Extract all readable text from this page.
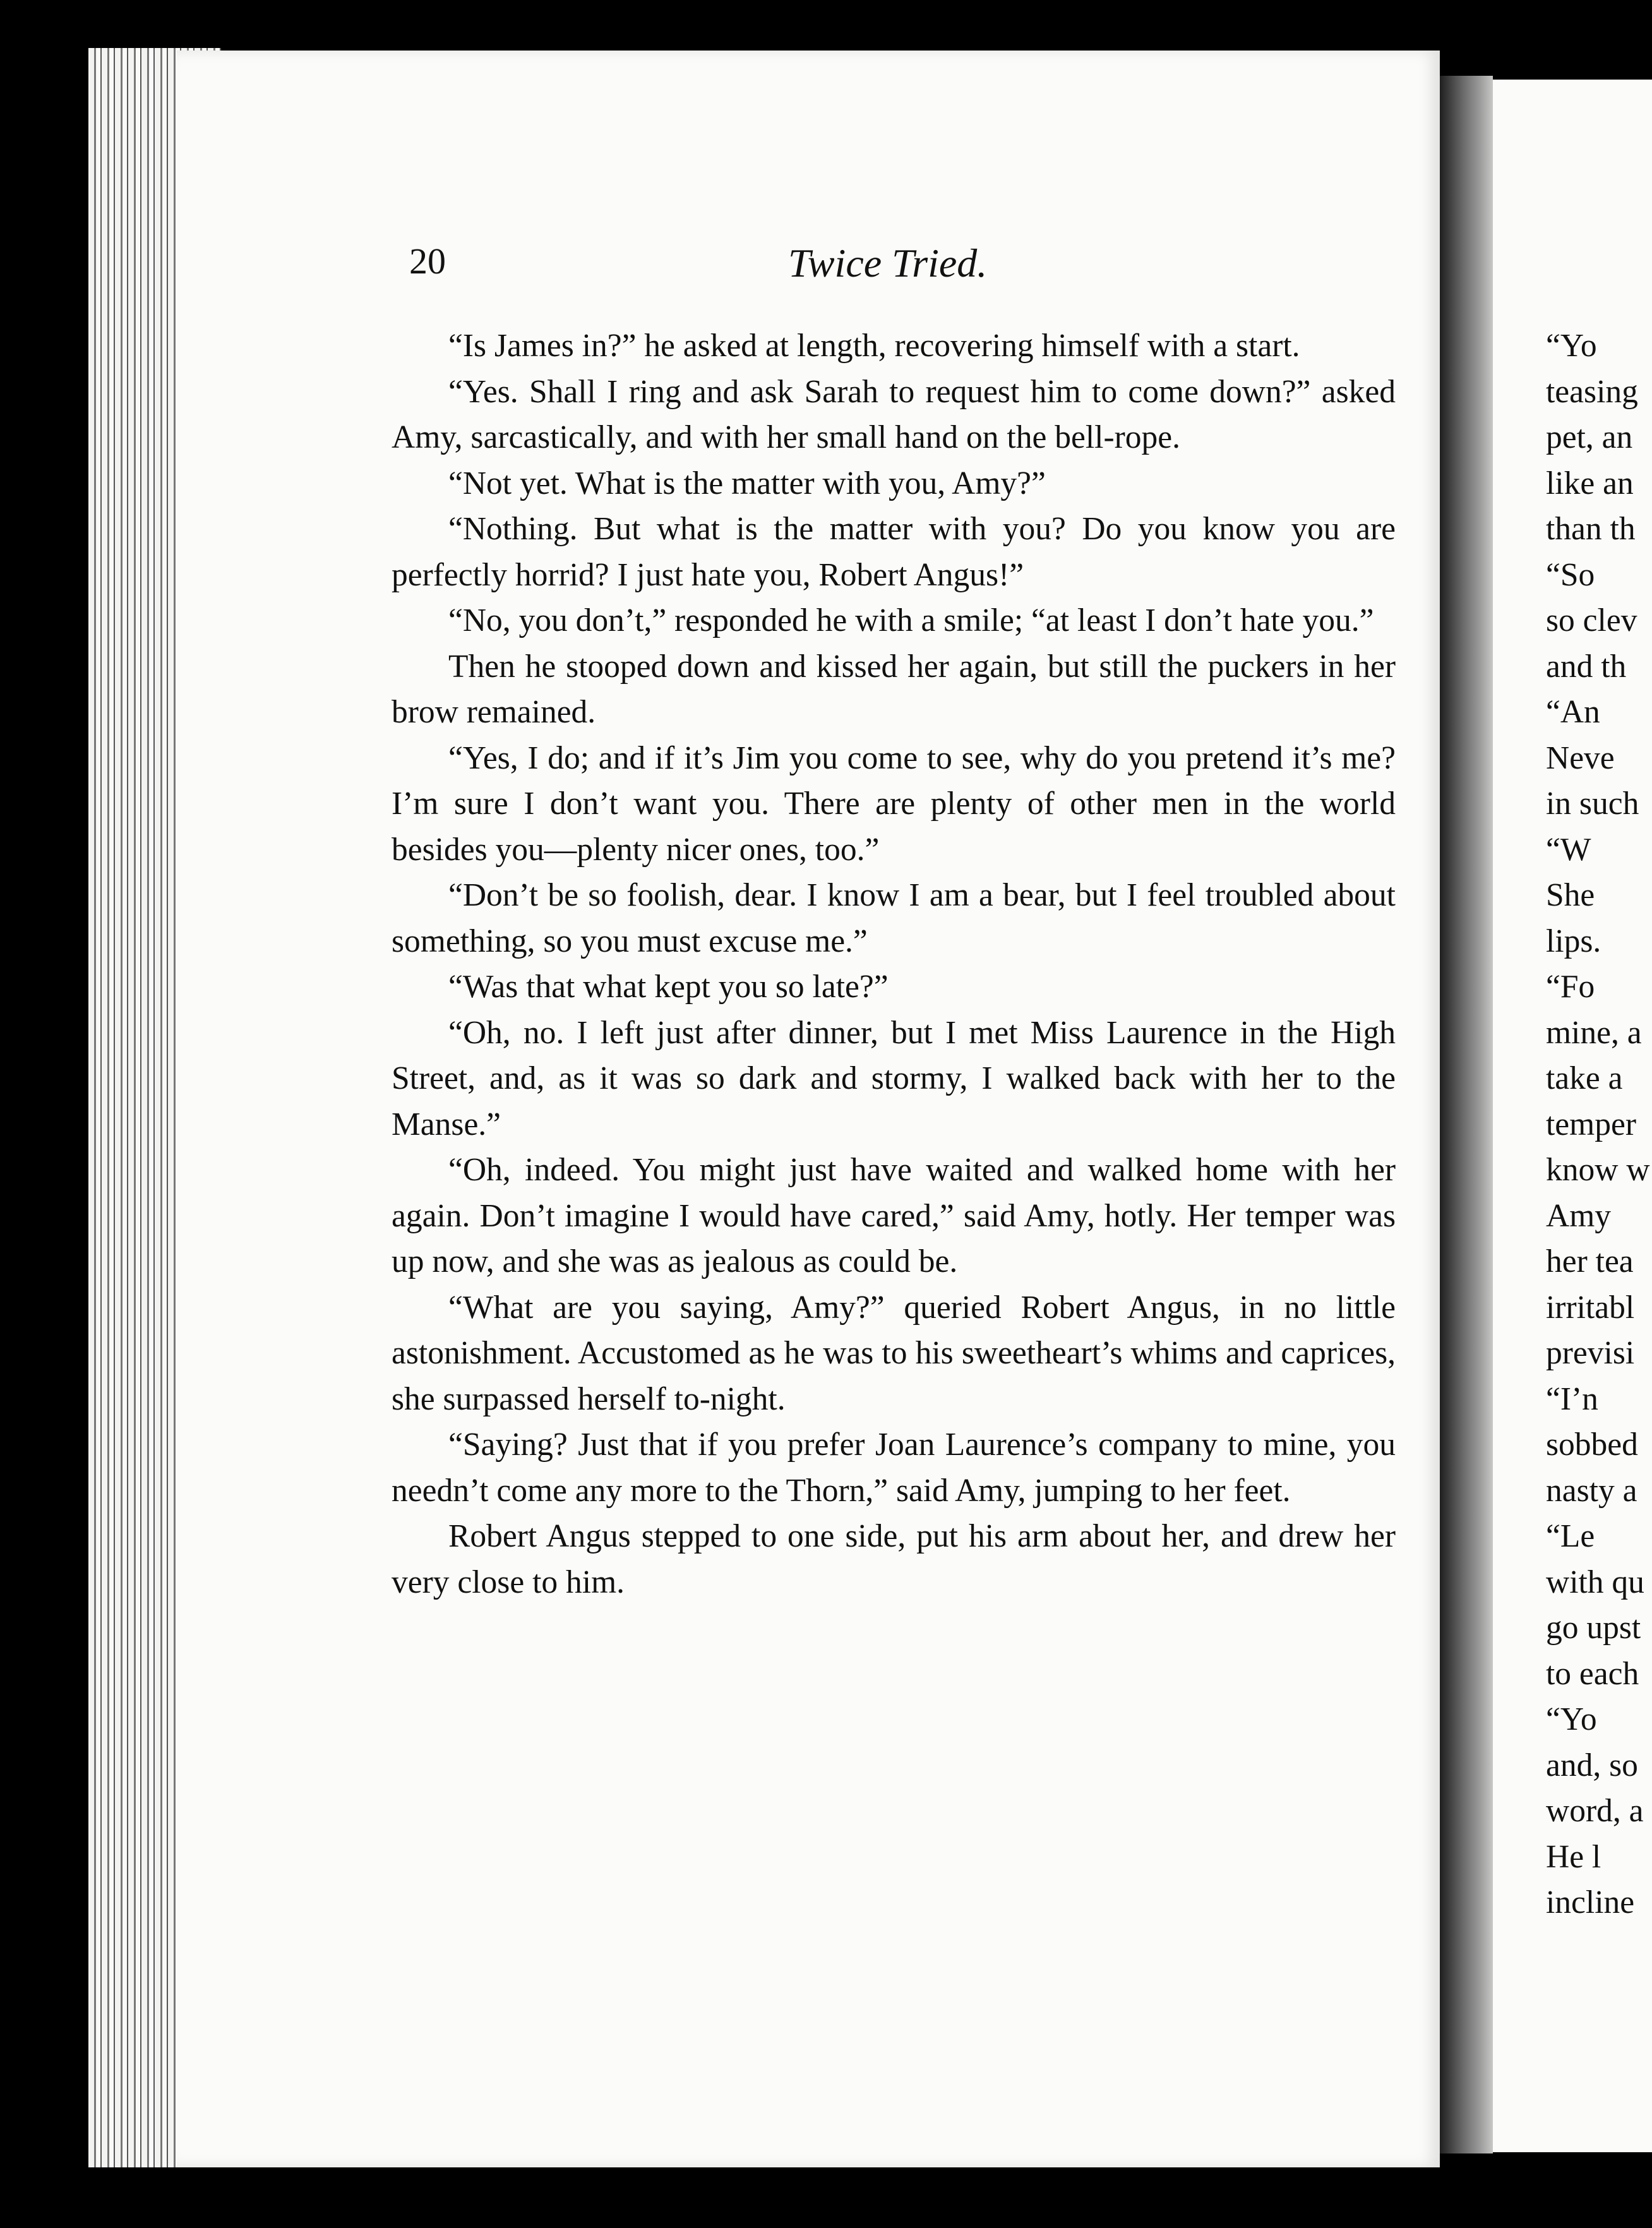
20	Twice Tried.

“Is James in?” he asked at length, recovering himself with a start.

“Yes. Shall I ring and ask Sarah to request him to come down?” asked Amy, sarcastically, and with her small hand on the bell-rope.

“Not yet. What is the matter with you, Amy?”

“Nothing. But what is the matter with you? Do you know you are perfectly horrid? I just hate you, Robert Angus!”

“No, you don’t,” responded he with a smile; “at least I don’t hate you.”

Then he stooped down and kissed her again, but still the puckers in her brow remained.

“Yes, I do; and if it’s Jim you come to see, why do you pretend it’s me? I’m sure I don’t want you. There are plenty of other men in the world besides you—plenty nicer ones, too.”

“Don’t be so foolish, dear. I know I am a bear, but I feel troubled about something, so you must excuse me.”

“Was that what kept you so late?”

“Oh, no. I left just after dinner, but I met Miss Laurence in the High Street, and, as it was so dark and stormy, I walked back with her to the Manse.”

“Oh, indeed. You might just have waited and walked home with her again. Don’t imagine I would have cared,” said Amy, hotly. Her temper was up now, and she was as jealous as could be.

“What are you saying, Amy?” queried Robert Angus, in no little astonishment. Accustomed as he was to his sweetheart’s whims and caprices, she surpassed herself to-night.

“Saying? Just that if you prefer Joan Laurence’s company to mine, you needn’t come any more to the Thorn,” said Amy, jumping to her feet.

Robert Angus stepped to one side, put his arm about her, and drew her very close to him.

“Yo
teasing
pet, an
like an
than th
“So
so clev
and th
“An
Neve
in such
“W
She
lips.
“Fo
mine, a
take a
temper
know w
Amy
her tea
irritabl
previsi
“I’n
sobbed
nasty a
“Le
with qu
go upst
to each
“Yo
and, so
word, a
He l
incline
